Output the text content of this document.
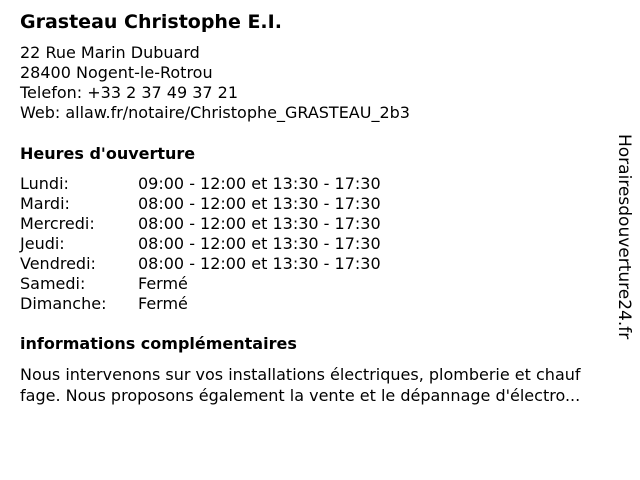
Grasteau Christophe E.I.
22 Rue Marin Dubuard
28400 Nogent-le-Rotrou
Telefon: +33 2 37 49 37 21
Web: allaw.fr/notaire/Christophe_GRASTEAU_2b3
Heures d'ouverture
Lundi:	09:00 - 12:00 et 13:30 - 17:30
Mardi:	08:00 - 12:00 et 13:30 - 17:30
Mercredi:	08:00 - 12:00 et 13:30 - 17:30
Jeudi:	08:00 - 12:00 et 13:30 - 17:30
Vendredi:	08:00 - 12:00 et 13:30 - 17:30
Samedi:	Fermé
Dimanche: Fermé
informations complémentaires
Nous intervenons sur vos installations électriques, plomberie et chauf
fage. Nous proposons également la vente et le dépannage d'électro...
Horairesdouverture24.fr
